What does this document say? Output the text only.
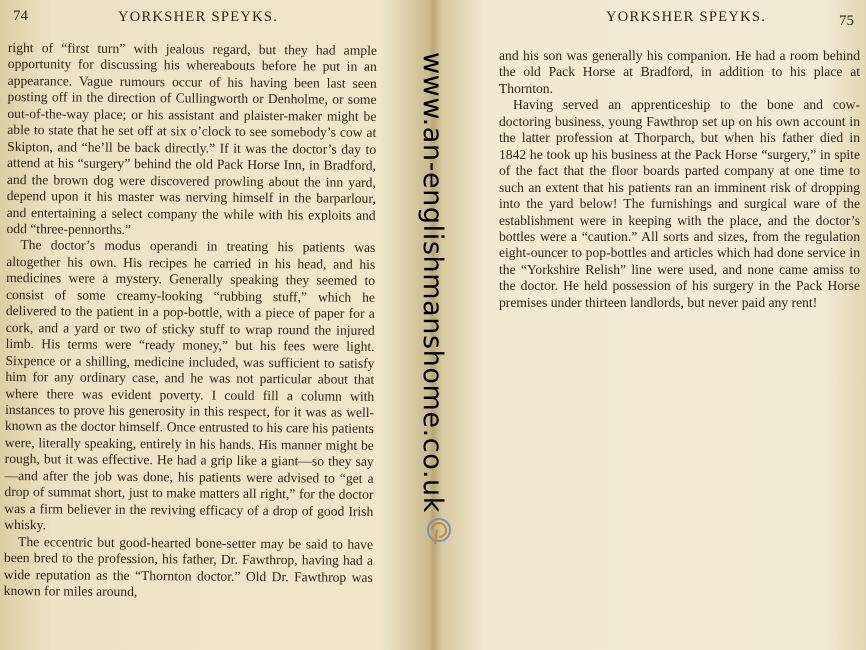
74	YORKSHER SPEYKS.

right of “first turn” with jealous regard, but they had ample opportunity for discussing his whereabouts before he put in an appearance. Vague rumours occur of his having been last seen posting off in the direction of Cullingworth or Denholme, or some out-of-the-way place; or his assistant and plaister-maker might be able to state that he set off at six o’clock to see somebody’s cow at Skipton, and “he’ll be back directly.” If it was the doctor’s day to attend at his “surgery” behind the old Pack Horse Inn, in Bradford, and the brown dog were discovered prowling about the inn yard, depend upon it his master was nerving himself in the barparlour, and entertaining a select company the while with his exploits and odd “three-pennorths.”

The doctor’s modus operandi in treating his patients was altogether his own. His recipes he carried in his head, and his medicines were a mystery. Generally speaking they seemed to consist of some creamy-looking “rubbing stuff,” which he delivered to the patient in a pop-bottle, with a piece of paper for a cork, and a yard or two of sticky stuff to wrap round the injured limb. His terms were “ready money,” but his fees were light. Sixpence or a shilling, medicine included, was sufficient to satisfy him for any ordinary case, and he was not particular about that where there was evident poverty. I could fill a column with instances to prove his generosity in this respect, for it was as well-known as the doctor himself. Once entrusted to his care his patients were, literally speaking, entirely in his hands. His manner might be rough, but it was effective. He had a grip like a giant—so they say—and after the job was done, his patients were advised to “get a drop of summat short, just to make matters all right,” for the doctor was a firm believer in the reviving efficacy of a drop of good Irish whisky.

The eccentric but good-hearted bone-setter may be said to have been bred to the profession, his father, Dr. Fawthrop, having had a wide reputation as the “Thornton doctor.” Old Dr. Fawthrop was known for miles around,

YORKSHER SPEYKS.	75

and his son was generally his companion. He had a room behind the old Pack Horse at Bradford, in addition to his place at Thornton.

Having served an apprenticeship to the bone and cow-doctoring business, young Fawthrop set up on his own account in the latter profession at Thorparch, but when his father died in 1842 he took up his business at the Pack Horse “surgery,” in spite of the fact that the floor boards parted company at one time to such an extent that his patients ran an imminent risk of dropping into the yard below! The furnishings and surgical ware of the establishment were in keeping with the place, and the doctor’s bottles were a “caution.” All sorts and sizes, from the regulation eight-ouncer to pop-bottles and articles which had done service in the “Yorkshire Relish” line were used, and none came amiss to the doctor. He held possession of his surgery in the Pack Horse premises under thirteen landlords, but never paid any rent!

www.an-englishmanshome.co.uk
